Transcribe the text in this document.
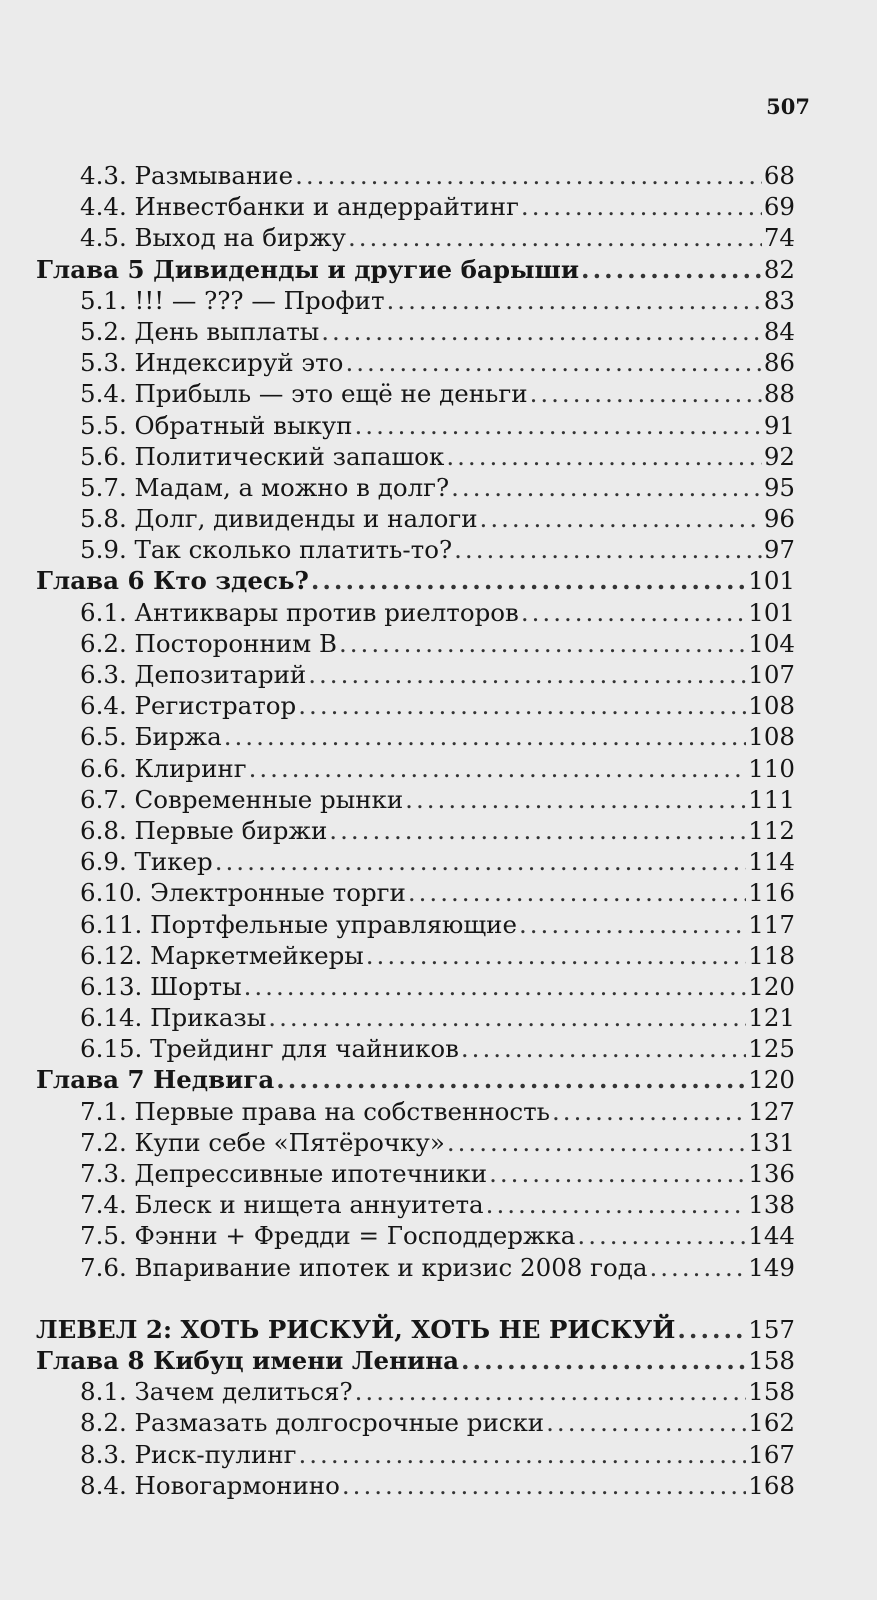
507
4.3. Размывание .....	68
4.4. Инвестбанки и андеррайтинг .....	69
4.5. Выход на биржу .....	74
Глава 5 Дивиденды и другие барыши .....	82
5.1. !!! — ??? — Профит .....	83
5.2. День выплаты .....	84
5.3. Индексируй это .....	86
5.4. Прибыль — это ещё не деньги .....	88
5.5. Обратный выкуп .....	91
5.6. Политический запашок .....	92
5.7. Мадам, а можно в долг? .....	95
5.8. Долг, дивиденды и налоги .....	96
5.9. Так сколько платить-то? .....	97
Глава 6 Кто здесь? .....	101
6.1. Антиквары против риелторов .....	101
6.2. Посторонним В .....	104
6.3. Депозитарий .....	107
6.4. Регистратор .....	108
6.5. Биржа .....	108
6.6. Клиринг .....	110
6.7. Современные рынки .....	111
6.8. Первые биржи .....	112
6.9. Тикер .....	114
6.10. Электронные торги .....	116
6.11. Портфельные управляющие .....	117
6.12. Маркетмейкеры .....	118
6.13. Шорты .....	120
6.14. Приказы .....	121
6.15. Трейдинг для чайников .....	125
Глава 7 Недвига .....	120
7.1. Первые права на собственность .....	127
7.2. Купи себе «Пятёрочку» .....	131
7.3. Депрессивные ипотечники .....	136
7.4. Блеск и нищета аннуитета .....	138
7.5. Фэнни + Фредди = Господдержка .....	144
7.6. Впаривание ипотек и кризис 2008 года .....	149
ЛЕВЕЛ 2: ХОТЬ РИСКУЙ, ХОТЬ НЕ РИСКУЙ .....	157
Глава 8 Кибуц имени Ленина .....	158
8.1. Зачем делиться? .....	158
8.2. Размазать долгосрочные риски .....	162
8.3. Риск-пулинг .....	167
8.4. Новогармонино .....	168
